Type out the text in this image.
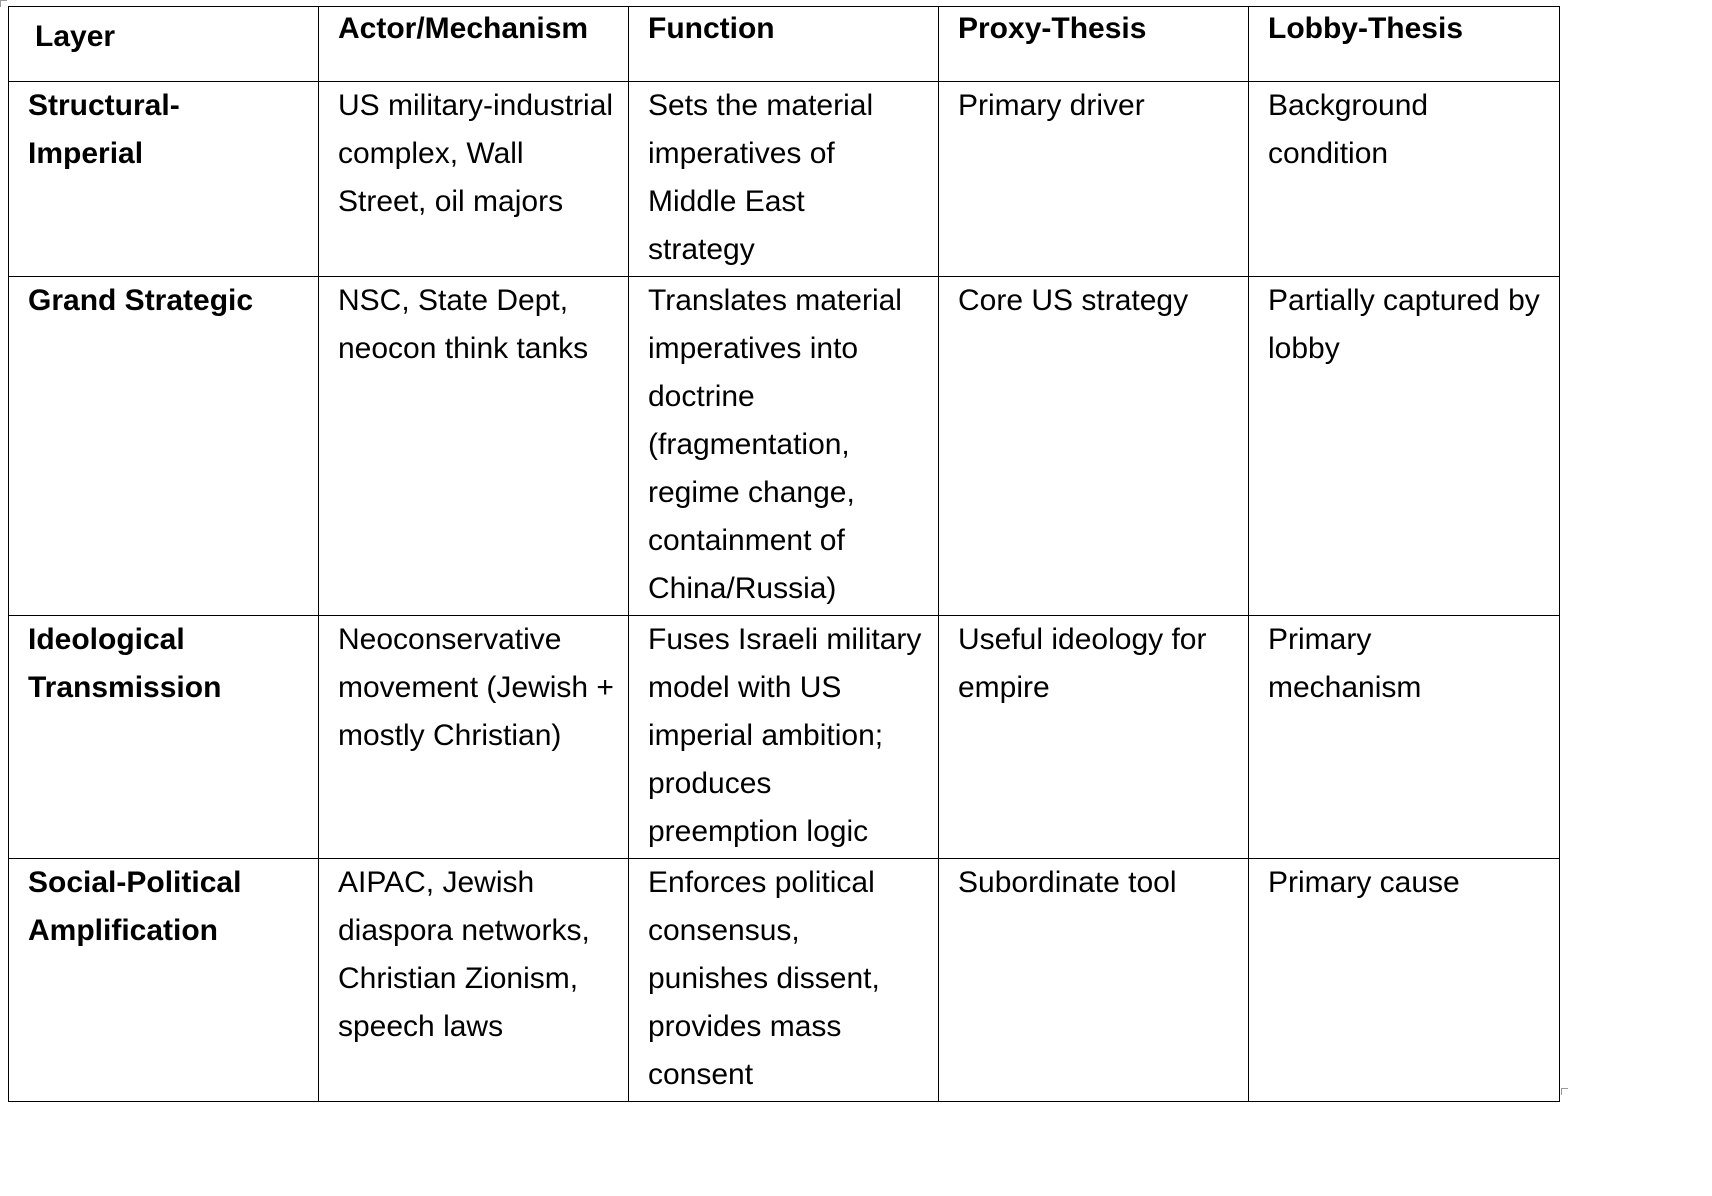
Layer	Actor/Mechanism	Function	Proxy-Thesis	Lobby-Thesis
Structural-Imperial	US military-industrial complex, Wall Street, oil majors	Sets the material imperatives of Middle East strategy	Primary driver	Background condition
Grand Strategic	NSC, State Dept, neocon think tanks	Translates material imperatives into doctrine (fragmentation, regime change, containment of China/Russia)	Core US strategy	Partially captured by lobby
Ideological Transmission	Neoconservative movement (Jewish + mostly Christian)	Fuses Israeli military model with US imperial ambition; produces preemption logic	Useful ideology for empire	Primary mechanism
Social-Political Amplification	AIPAC, Jewish diaspora networks, Christian Zionism, speech laws	Enforces political consensus, punishes dissent, provides mass consent	Subordinate tool	Primary cause
